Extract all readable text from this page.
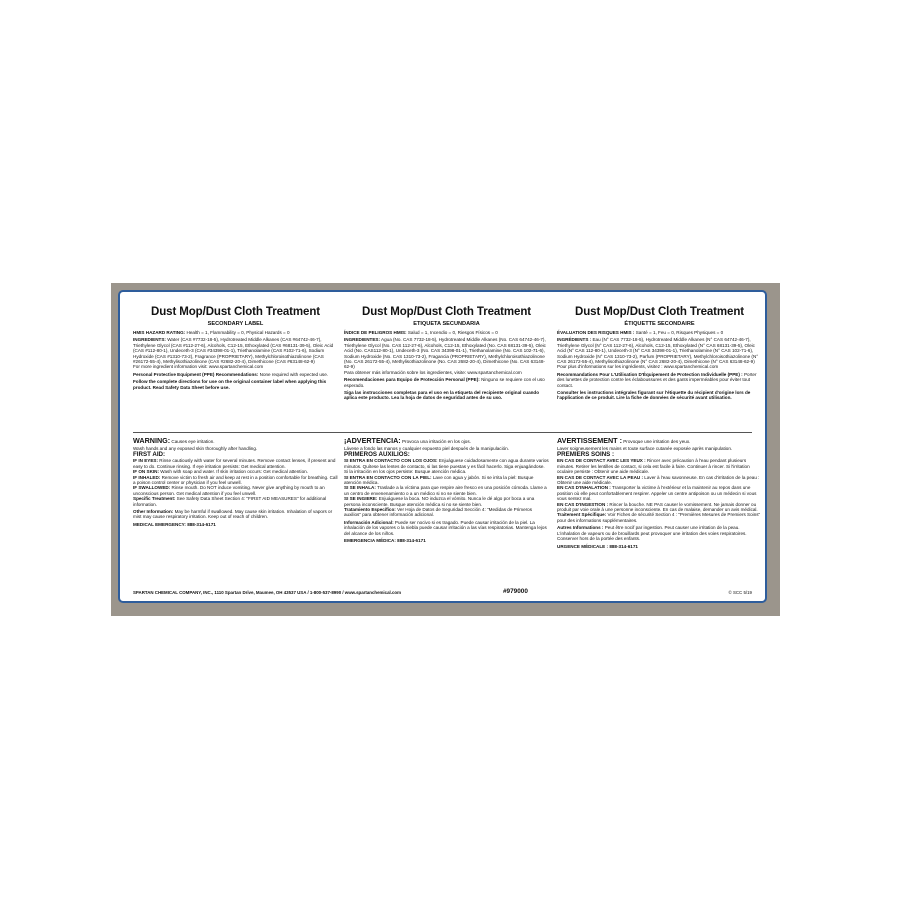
Dust Mop/Dust Cloth Treatment

SECONDARY LABEL

HMIS HAZARD RATING: Health = 1, Flammability = 0, Physical Hazards = 0

INGREDIENTS: Water (CAS #7732-18-5), Hydrotreated Middle Alkanes (CAS #64742-46-7), Triethylene Glycol (CAS #112-27-6), Alcohols, C12-15, Ethoxylated (CAS #68131-39-5), Oleic Acid (CAS #112-80-1), Undeceth-3 (CAS #34398-01-1), Triethanolamine (CAS #102-71-6), Sodium Hydroxide (CAS #1310-73-2), Fragrance (PROPRIETARY), Methylchloroisothiazolinone (CAS #26172-55-4), Methylisothiazolinone (CAS #2682-20-4), Dimethicone (CAS #63148-62-9)

For more ingredient information visit: www.spartanchemical.com

Personal Protective Equipment (PPE) Recommendations: None required with expected use.

Follow the complete directions for use on the original container label when applying this product. Read Safety Data Sheet before use.

Dust Mop/Dust Cloth Treatment

ETIQUETA SECUNDARIA

ÍNDICE DE PELIGROS HMIS: Salud = 1, Incendio = 0, Riesgos Físicos = 0

INGREDIENTES: Agua (No. CAS 7732-18-5), Hydrotreated Middle Alkanes (No. CAS 64742-46-7), Triethylene Glycol (No. CAS 112-27-6), Alcohols, C12-15, Ethoxylated (No. CAS 68131-39-5), Oleic Acid (No. CAS112-80-1), Undeceth-3 (No. CAS 34398-01-1), Triethanolamine (No. CAS 102-71-6), Sodium Hydroxide (No. CAS 1310-73-2), Fragancia (PROPRIETARY), Methylchloroisothiazolinone (No. CAS 26172-55-4), Methylisothiazolinone (No. CAS 2682-20-4), Dimethicone (No. CAS 63148-62-9)

Para obtener más información sobre los ingredientes, visite: www.spartanchemical.com

Recomendaciones para Equipo de Protección Personal (PPE): Ninguno se requiere con el uso esperado.

Siga las instrucciones completas para el uso en la etiqueta del recipiente original cuando aplica este producto. Lea la hoja de datos de seguridad antes de su uso.

Dust Mop/Dust Cloth Treatment

ÉTIQUETTE SECONDAIRE

ÉVALUATION DES RISQUES HMIS : Santé = 1, Feu = 0, Risques Physiques = 0

INGRÉDIENTS : Eau (N° CAS 7732-18-5), Hydrotreated Middle Alkanes (N° CAS 64742-46-7), Triethylene Glycol (N° CAS 112-27-6), Alcohols, C12-15, Ethoxylated (N° CAS 68131-39-5), Oleic Acid (N° CAS 112-80-1), Undeceth-3 (N° CAS 34398-01-1), Triethanolamine (N° CAS 102-71-6), Sodium Hydroxide (N° CAS 1310-73-2), Parfum (PROPRIETARY), Methylchloroisothiazolinone (N° CAS 26172-55-4), Methylisothiazolinone (N° CAS 2682-20-4), Dimethicone (N° CAS 63148-62-9)

Pour plus d'informations sur les ingrédients, visitez : www.spartanchemical.com

Recommandations Pour L'Utilisation D'Équipement de Protection Individuelle (PPE) : Porter des lunettes de protection contre les éclaboussures et des gants imperméables pour éviter tout contact.

Consulter les instructions intégrales figurant sur l'étiquette du récipient d'origine lors de l'application de ce produit. Lire la fiche de données de sécurité avant utilisation.

WARNING: Causes eye irritation.

Wash hands and any exposed skin thoroughly after handling.

FIRST AID:

IF IN EYES: Rinse cautiously with water for several minutes. Remove contact lenses, if present and easy to do. Continue rinsing. If eye irritation persists: Get medical attention.

IF ON SKIN: Wash with soap and water. If skin irritation occurs: Get medical attention.

IF INHALED: Remove victim to fresh air and keep at rest in a position comfortable for breathing. Call a poison control center or physician if you feel unwell.

IF SWALLOWED: Rinse mouth. Do NOT induce vomiting. Never give anything by mouth to an unconscious person. Get medical attention if you feel unwell.

Specific Treatment: See Safety Data Sheet Section 4: "FIRST AID MEASURES" for additional information.

Other Information: May be harmful if swallowed. May cause skin irritation. Inhalation of vapors or mist may cause respiratory irritation. Keep out of reach of children.

MEDICAL EMERGENCY: 888-314-6171

¡ADVERTENCIA: Provoca una irritación en los ojos.

Lávese a fondo las manos y cualquier expuesto piel después de la manipulación.

PRIMEROS AUXILIOS:

SI ENTRA EN CONTACTO CON LOS OJOS: Enjuáguese cuidadosamente con agua durante varios minutos. Quítese las lentes de contacto, si las tiene puestas y es fácil hacerlo. Siga enjuagándose. Si la irritación en los ojos persiste: Busque atención médica.

SI ENTRA EN CONTACTO CON LA PIEL: Lave con agua y jabón. Si se irrita la piel: Busque atención médica.

SI SE INHALA: Traslade a la víctima para que respire aire fresco en una posición cómoda. Llame a un centro de envenenamiento o a un médico si no se siente bien.

SI SE INGIERE: Enjuáguese la boca. NO induzca el vómito. Nunca le dé algo por boca a una persona inconsciente. Busque atención médica si no se siente bien.

Tratamiento Específico: Ver Hoja de Datos de Seguridad Sección 4: "Medidas de Primeros auxilios" para obtener información adicional.

Información Adicional: Puede ser nocivo si es tragado. Puede causar irritación de la piel. La inhalación de los vapores o la niebla puede causar irritación a las vías respiratorias. Mantenga lejos del alcance de los niños.

EMERGENCIA MÉDICA: 888-314-6171

AVERTISSEMENT : Provoque une irritation des yeux.

Laver soigneusement les mains et toute surface cutanée exposée après manipulation.

PREMIERS SOINS :

EN CAS DE CONTACT AVEC LES YEUX : Rincer avec précaution à l'eau pendant plusieurs minutes. Retirer les lentilles de contact, si cela est facile à faire. Continuer à rincer. Si l'irritation oculaire persiste : Obtenir une aide médicale.

EN CAS DE CONTACT AVEC LA PEAU : Laver à l'eau savonneuse. En cas d'irritation de la peau : Obtenir une aide médicale.

EN CAS D'INHALATION : Transporter la victime à l'extérieur et la maintenir au repos dans une position où elle peut confortablement respirer. Appeler un centre antipoison ou un médecin si vous vous sentez mal.

EN CAS D'INGESTION : Rincer la bouche. NE PAS causer le vomissement. Ne jamais donner ou produit par voie orale à une personne inconsciente. En cas de malaise, demander un avis médical.

Traitement Spécifique: Voir Fiches de sécurité Section 4 : "Premières Mesures de Premiers Soins" pour des informations supplémentaires.

Autres Informations : Peut être nocif par ingestion. Peut causer une irritation de la peau. L'inhalation de vapeurs ou de brouillards peut provoquer une irritation des voies respiratoires. Conserver hors de la portée des enfants.

URGENCE MÉDICALE : 888-314-6171

SPARTAN CHEMICAL COMPANY, INC., 1110 Spartan Drive, Maumee, OH 43537 USA / 1-800-537-8990 / www.spartanchemical.com	#979000	© SCC 5/19
